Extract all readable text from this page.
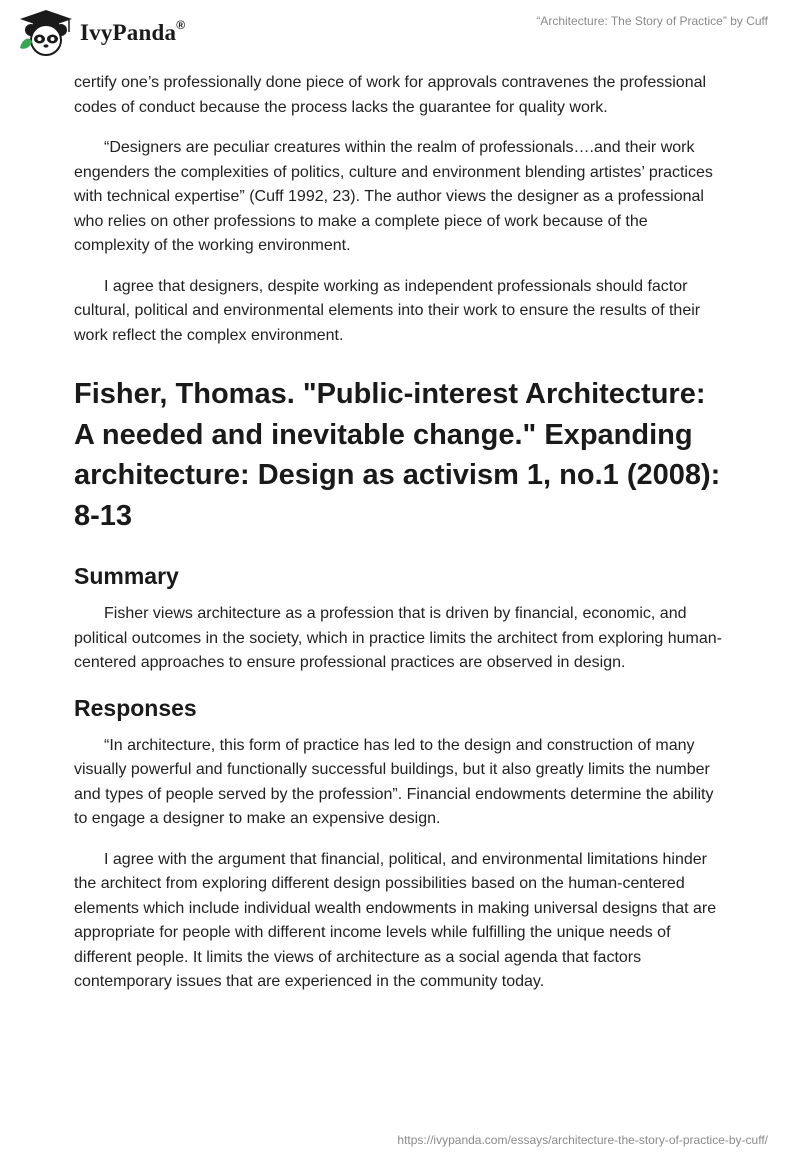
IvyPanda®	“Architecture: The Story of Practice” by Cuff

certify one’s professionally done piece of work for approvals contravenes the professional codes of conduct because the process lacks the guarantee for quality work.

“Designers are peculiar creatures within the realm of professionals….and their work engenders the complexities of politics, culture and environment blending artistes’ practices with technical expertise” (Cuff 1992, 23). The author views the designer as a professional who relies on other professions to make a complete piece of work because of the complexity of the working environment.

I agree that designers, despite working as independent professionals should factor cultural, political and environmental elements into their work to ensure the results of their work reflect the complex environment.

Fisher, Thomas. "Public-interest Architecture: A needed and inevitable change." Expanding architecture: Design as activism 1, no.1 (2008): 8-13
Summary

Fisher views architecture as a profession that is driven by financial, economic, and political outcomes in the society, which in practice limits the architect from exploring human-centered approaches to ensure professional practices are observed in design.

Responses

“In architecture, this form of practice has led to the design and construction of many visually powerful and functionally successful buildings, but it also greatly limits the number and types of people served by the profession”. Financial endowments determine the ability to engage a designer to make an expensive design.

I agree with the argument that financial, political, and environmental limitations hinder the architect from exploring different design possibilities based on the human-centered elements which include individual wealth endowments in making universal designs that are appropriate for people with different income levels while fulfilling the unique needs of different people. It limits the views of architecture as a social agenda that factors contemporary issues that are experienced in the community today.

https://ivypanda.com/essays/architecture-the-story-of-practice-by-cuff/
